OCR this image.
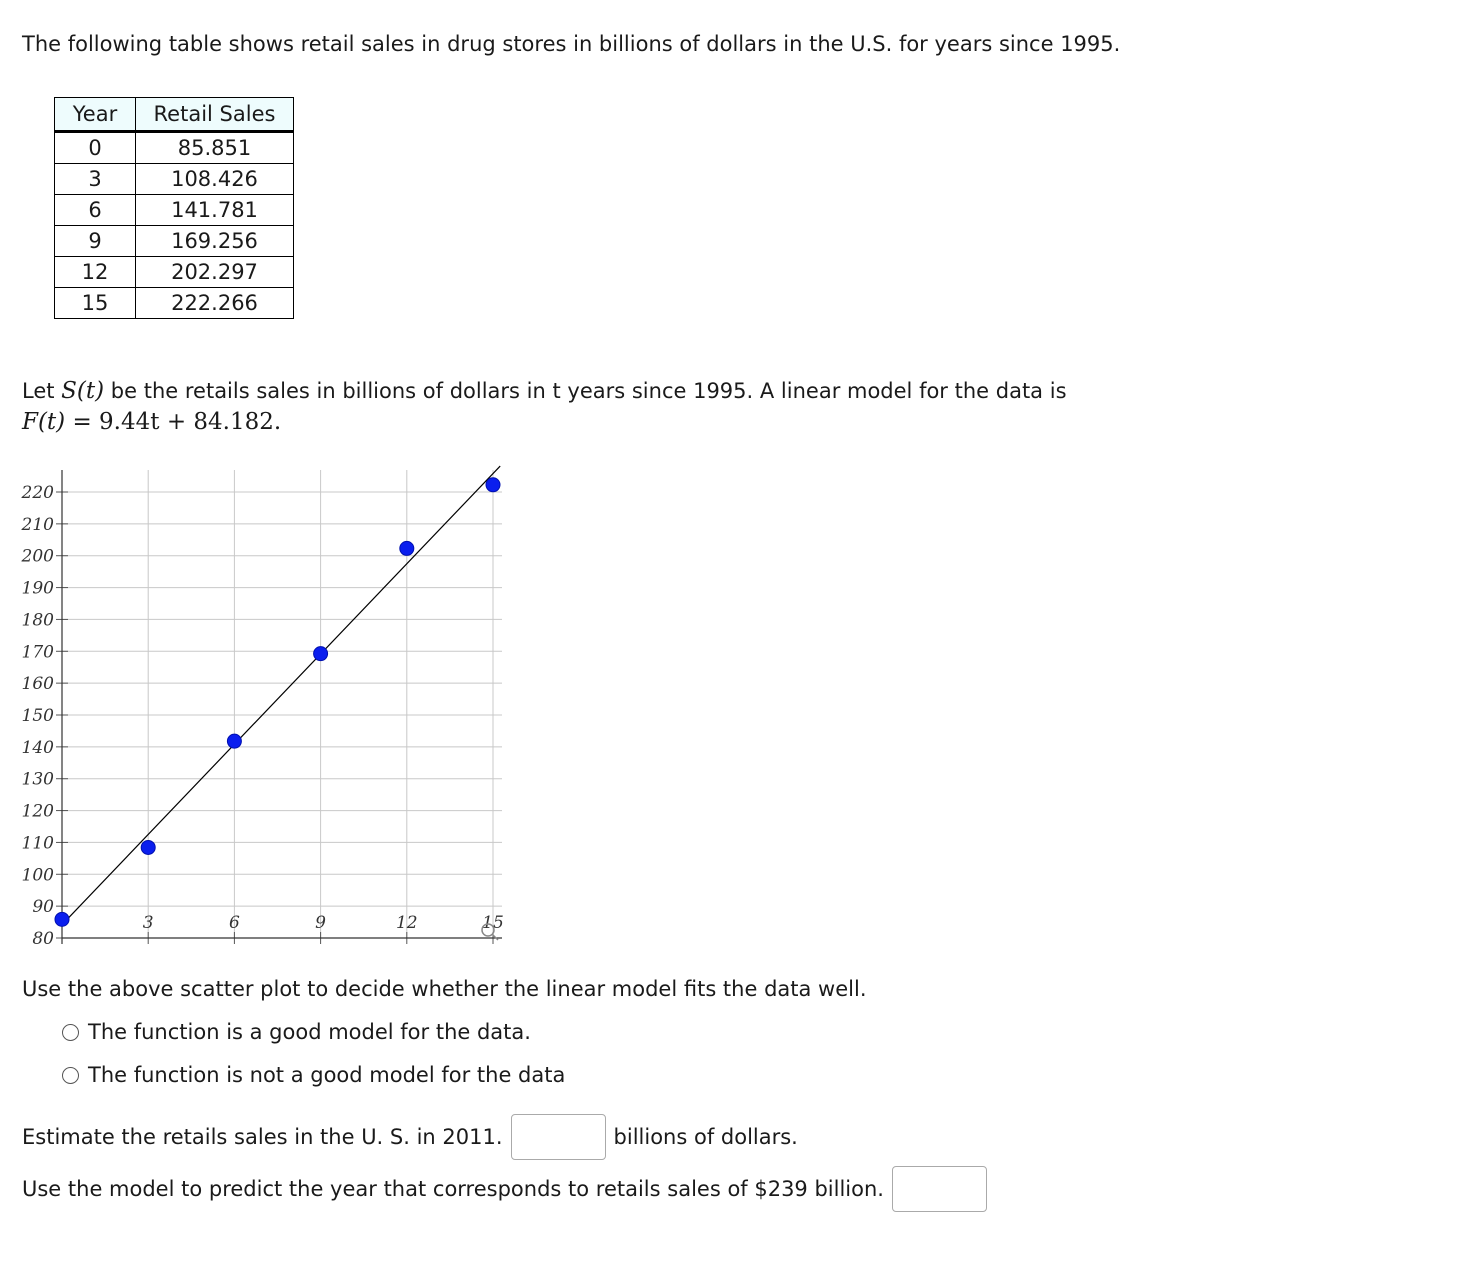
The following table shows retail sales in drug stores in billions of dollars in the U.S. for years since 1995.
Year	Retail Sales
0	85.851
3	108.426
6	141.781
9	169.256
12	202.297
15	222.266
Let S(t) be the retails sales in billions of dollars in t years since 1995. A linear model for the data is
F(t) = 9.44t + 84.182.
80
90
100
110
120
130
140
150
160
170
180
190
200
210
220
3	6	9	12	15
Use the above scatter plot to decide whether the linear model fits the data well.
The function is a good model for the data.
The function is not a good model for the data
Estimate the retails sales in the U. S. in 2011.	billions of dollars.
Use the model to predict the year that corresponds to retails sales of $239 billion.
